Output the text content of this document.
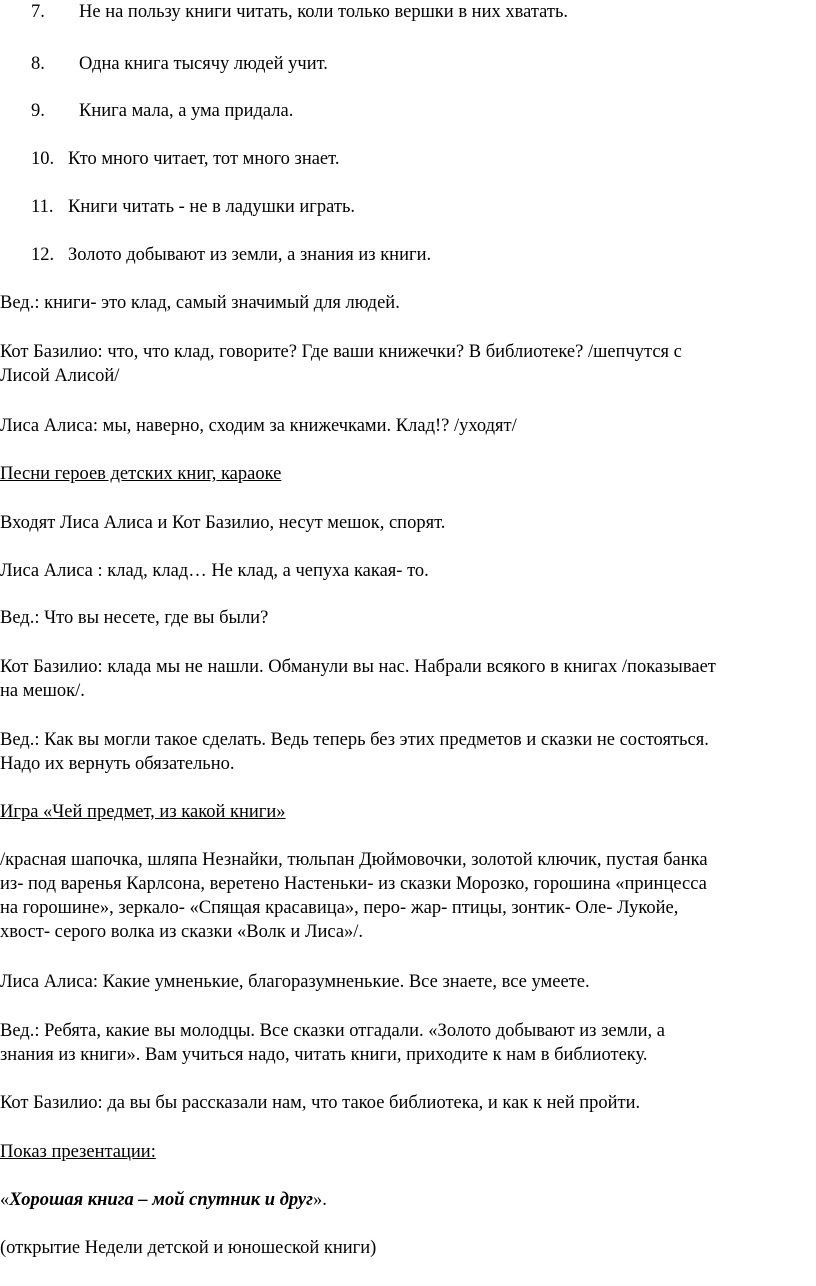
7. Не на пользу книги читать, коли только вершки в них хватать.
8. Одна книга тысячу людей учит.
9. Книга мала, а ума придала.
10. Кто много читает, тот много знает.
11. Книги читать - не в ладушки играть.
12. Золото добывают из земли, а знания из книги.
Вед.: книги- это клад, самый значимый для людей.
Кот Базилио: что, что клад, говорите? Где ваши книжечки? В библиотеке? /шепчутся с
Лисой Алисой/
Лиса Алиса: мы, наверно, сходим за книжечками. Клад!? /уходят/
Песни героев детских книг, караоке
Входят Лиса Алиса и Кот Базилио, несут мешок, спорят.
Лиса Алиса : клад, клад… Не клад, а чепуха какая- то.
Вед.: Что вы несете, где вы были?
Кот Базилио: клада мы не нашли. Обманули вы нас. Набрали всякого в книгах /показывает
на мешок/.
Вед.: Как вы могли такое сделать. Ведь теперь без этих предметов и сказки не состояться.
Надо их вернуть обязательно.
Игра «Чей предмет, из какой книги»
/красная шапочка, шляпа Незнайки, тюльпан Дюймовочки, золотой ключик, пустая банка
из- под варенья Карлсона, веретено Настеньки- из сказки Морозко, горошина «принцесса
на горошине», зеркало- «Спящая красавица», перо- жар- птицы, зонтик- Оле- Лукойе,
хвост- серого волка из сказки «Волк и Лиса»/.
Лиса Алиса: Какие умненькие, благоразумненькие. Все знаете, все умеете.
Вед.: Ребята, какие вы молодцы. Все сказки отгадали. «Золото добывают из земли, а
знания из книги». Вам учиться надо, читать книги, приходите к нам в библиотеку.
Кот Базилио: да вы бы рассказали нам, что такое библиотека, и как к ней пройти.
Показ презентации:
«Хорошая книга – мой спутник и друг».
(открытие Недели детской и юношеской книги)
